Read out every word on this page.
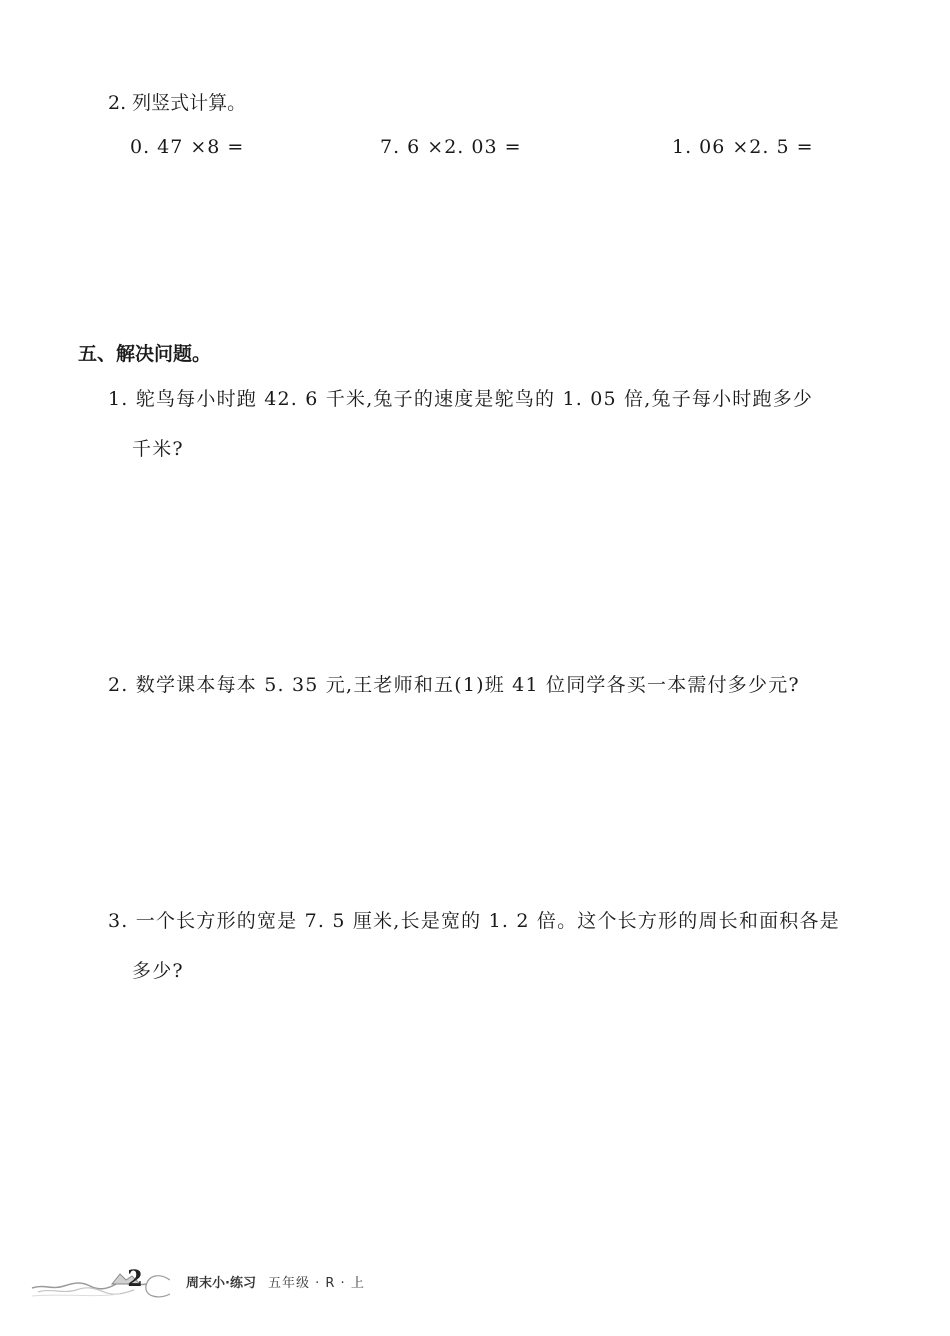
2. 列竖式计算。
0. 47 ×8 =	7. 6 ×2. 03 =	1. 06 ×2. 5 =
五、解决问题。
1. 鸵鸟每小时跑 42. 6 千米,兔子的速度是鸵鸟的 1. 05 倍,兔子每小时跑多少
千米?
2. 数学课本每本 5. 35 元,王老师和五(1)班 41 位同学各买一本需付多少元?
3. 一个长方形的宽是 7. 5 厘米,长是宽的 1. 2 倍。这个长方形的周长和面积各是
多少?
2	周末小·练习 五年级 · R · 上
